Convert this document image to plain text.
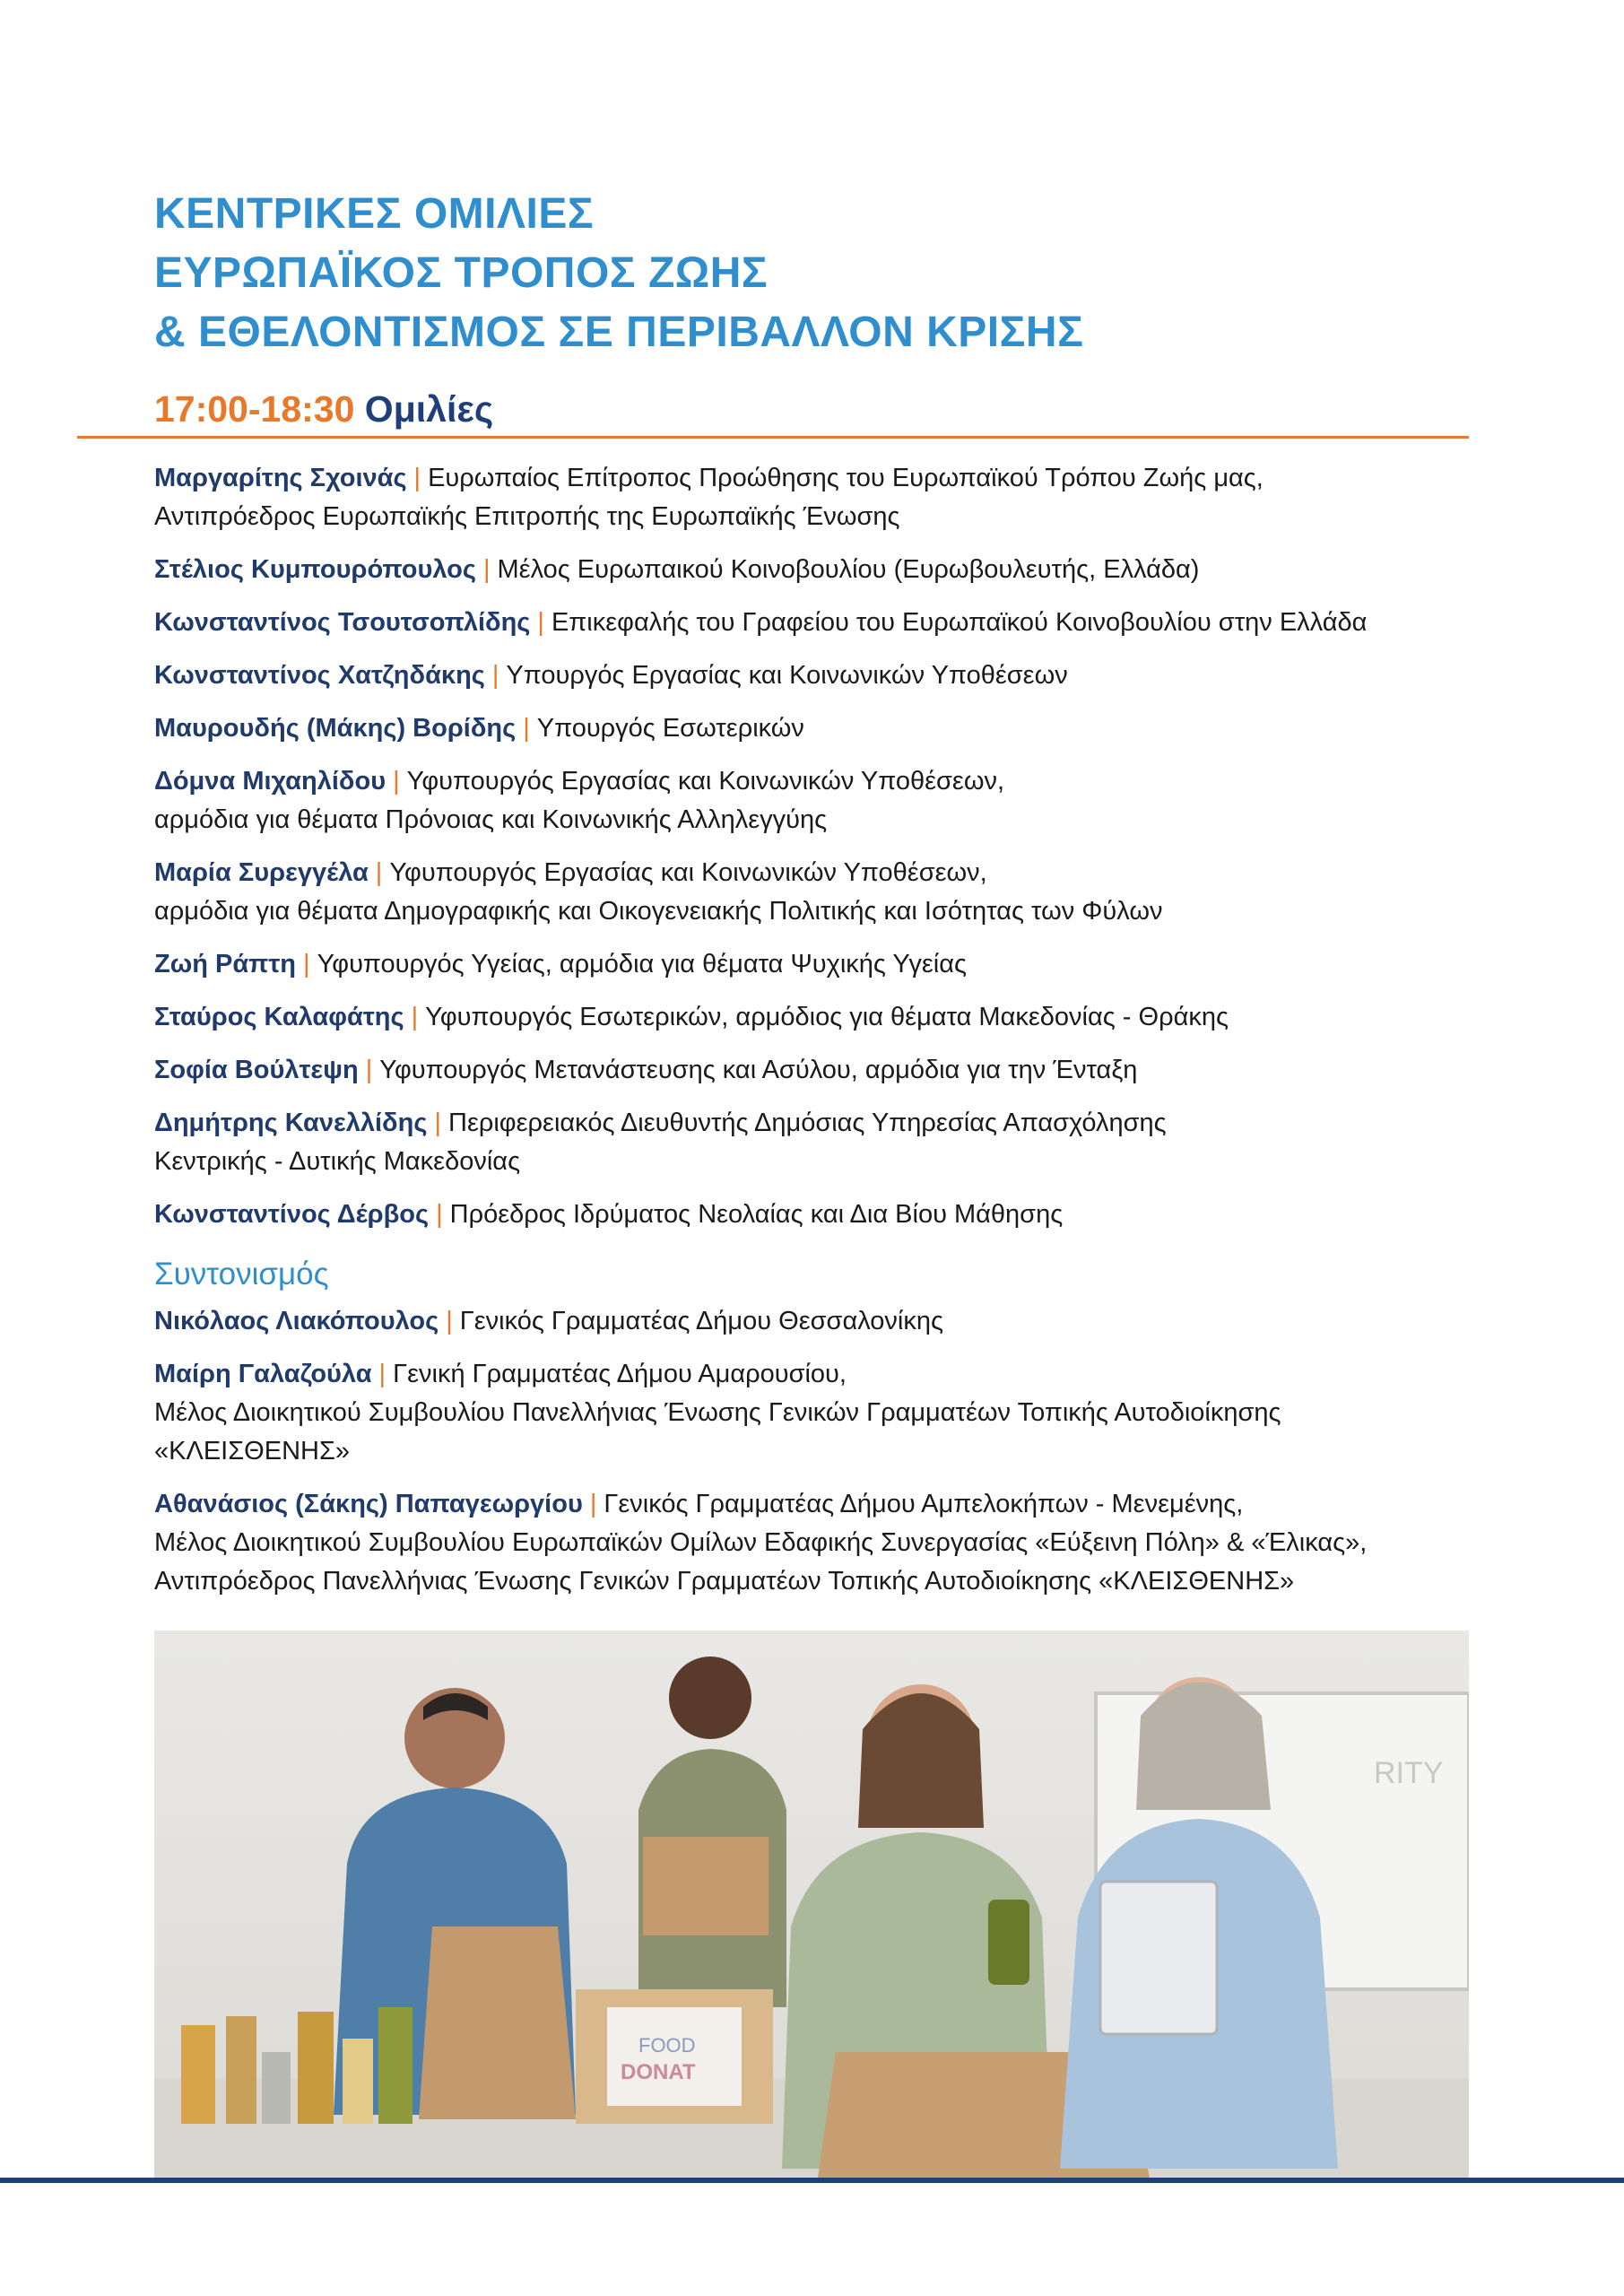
ΚΕΝΤΡΙΚΕΣ ΟΜΙΛΙΕΣ
ΕΥΡΩΠΑΪΚΟΣ ΤΡΟΠΟΣ ΖΩΗΣ
& ΕΘΕΛΟΝΤΙΣΜΟΣ ΣΕ ΠΕΡΙΒΑΛΛΟΝ ΚΡΙΣΗΣ
17:00-18:30 Ομιλίες

Μαργαρίτης Σχοινάς | Ευρωπαίος Επίτροπος Προώθησης του Ευρωπαϊκού Τρόπου Ζωής μας,
Αντιπρόεδρος Ευρωπαϊκής Επιτροπής της Ευρωπαϊκής Ένωσης

Στέλιος Κυμπουρόπουλος | Μέλος Ευρωπαικού Κοινοβουλίου (Ευρωβουλευτής, Ελλάδα)

Κωνσταντίνος Τσουτσοπλίδης | Επικεφαλής του Γραφείου του Ευρωπαϊκού Κοινοβουλίου στην Ελλάδα

Κωνσταντίνος Χατζηδάκης | Υπουργός Εργασίας και Κοινωνικών Υποθέσεων

Μαυρουδής (Μάκης) Βορίδης | Υπουργός Εσωτερικών

Δόμνα Μιχαηλίδου | Υφυπουργός Εργασίας και Κοινωνικών Υποθέσεων,
αρμόδια για θέματα Πρόνοιας και Κοινωνικής Αλληλεγγύης

Μαρία Συρεγγέλα | Υφυπουργός Εργασίας και Κοινωνικών Υποθέσεων,
αρμόδια για θέματα Δημογραφικής και Οικογενειακής Πολιτικής και Ισότητας των Φύλων

Ζωή Ράπτη | Υφυπουργός Υγείας, αρμόδια για θέματα Ψυχικής Υγείας

Σταύρος Καλαφάτης | Υφυπουργός Εσωτερικών, αρμόδιος για θέματα Μακεδονίας - Θράκης

Σοφία Βούλτεψη | Υφυπουργός Μετανάστευσης και Ασύλου, αρμόδια για την Ένταξη

Δημήτρης Κανελλίδης | Περιφερειακός Διευθυντής Δημόσιας Υπηρεσίας Απασχόλησης
Κεντρικής - Δυτικής Μακεδονίας

Κωνσταντίνος Δέρβος | Πρόεδρος Ιδρύματος Νεολαίας και Δια Βίου Μάθησης

Συντονισμός

Νικόλαος Λιακόπουλος | Γενικός Γραμματέας Δήμου Θεσσαλονίκης

Μαίρη Γαλαζούλα | Γενική Γραμματέας Δήμου Αμαρουσίου,
Μέλος Διοικητικού Συμβουλίου Πανελλήνιας Ένωσης Γενικών Γραμματέων Τοπικής Αυτοδιοίκησης «ΚΛΕΙΣΘΕΝΗΣ»

Αθανάσιος (Σάκης) Παπαγεωργίου | Γενικός Γραμματέας Δήμου Αμπελοκήπων - Μενεμένης,
Μέλος Διοικητικού Συμβουλίου Ευρωπαϊκών Ομίλων Εδαφικής Συνεργασίας «Εύξεινη Πόλη» & «Έλικας»,
Αντιπρόεδρος Πανελλήνιας Ένωσης Γενικών Γραμματέων Τοπικής Αυτοδιοίκησης «ΚΛΕΙΣΘΕΝΗΣ»

RITY
FOOD
DONAT
